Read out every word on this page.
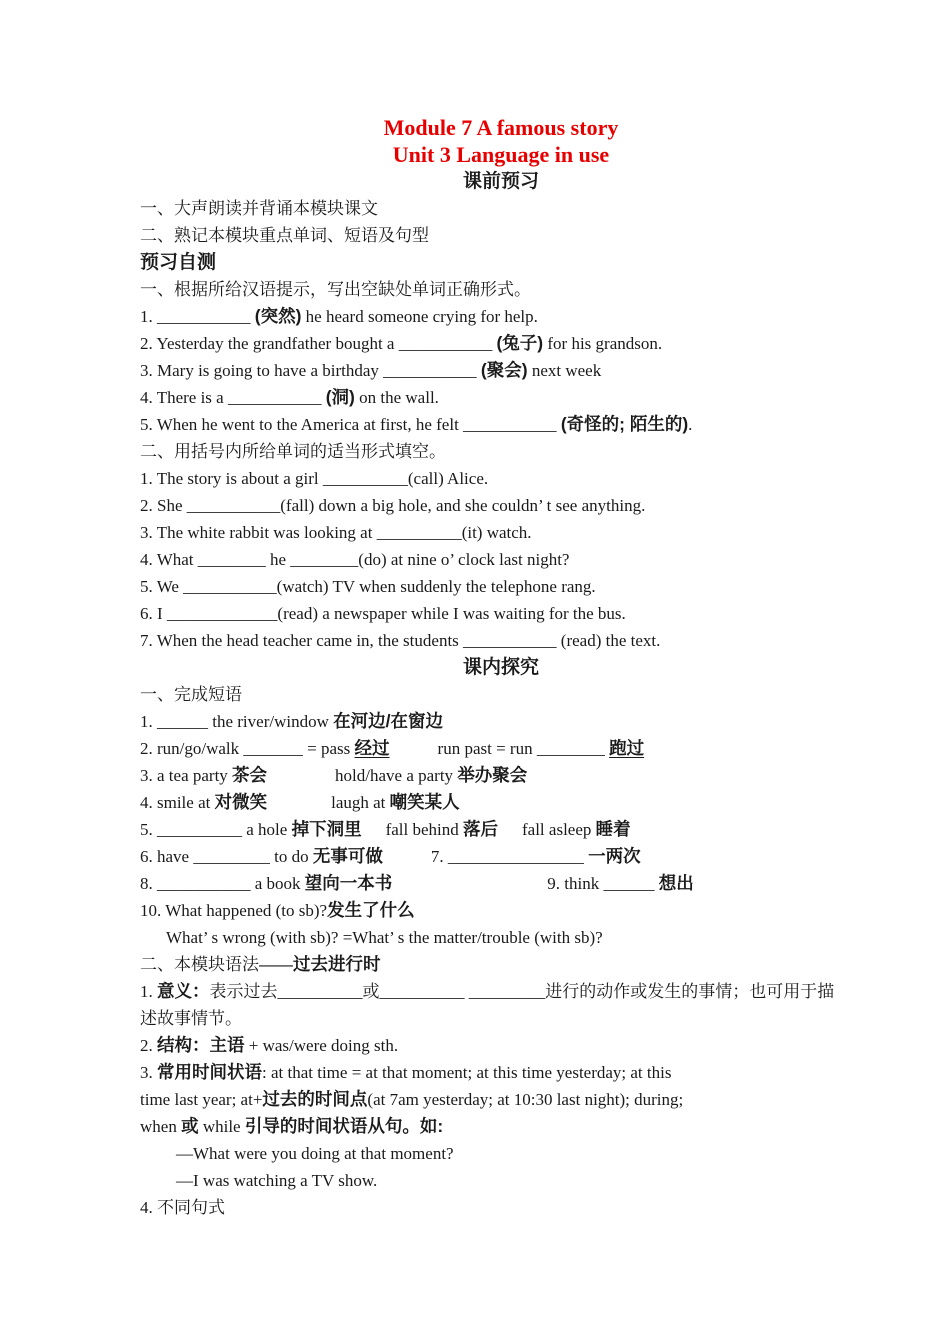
Module 7 A famous story
Unit 3 Language in use
课前预习
一、大声朗读并背诵本模块课文
二、熟记本模块重点单词、短语及句型
预习自测
一、根据所给汉语提示，写出空缺处单词正确形式。
1. ___________ (突然) he heard someone crying for help.
2. Yesterday the grandfather bought a ___________ (兔子) for his grandson.
3. Mary is going to have a birthday ___________ (聚会) next week
4. There is a ___________ (洞) on the wall.
5. When he went to the America at first, he felt ___________ (奇怪的; 陌生的).
二、用括号内所给单词的适当形式填空。
1. The story is about a girl __________(call) Alice.
2. She ___________(fall) down a big hole, and she couldn’ t see anything.
3. The white rabbit was looking at __________(it) watch.
4. What ________ he ________(do) at nine o’ clock last night?
5. We ___________(watch) TV when suddenly the telephone rang.
6. I _____________(read) a newspaper while I was waiting for the bus.
7. When the head teacher came in, the students ___________ (read) the text.
课内探究
一、完成短语
1. ______ the river/window 在河边/在窗边
2. run/go/walk _______ = pass 经过	run past = run ________ 跑过
3. a tea party 茶会	hold/have a party 举办聚会
4. smile at 对微笑	laugh at 嘲笑某人
5. __________ a hole 掉下洞里 fall behind 落后 fall asleep 睡着
6. have _________ to do 无事可做	7. ________________ 一两次
8. ___________ a book 望向一本书	9. think ______ 想出
10. What happened (to sb)?发生了什么
What’ s wrong (with sb)? =What’ s the matter/trouble (with sb)?
二、本模块语法——过去进行时
1. 意义：表示过去__________或__________ _________进行的动作或发生的事情；也可用于描
述故事情节。
2. 结构：主语 + was/were doing sth.
3. 常用时间状语: at that time = at that moment; at this time yesterday; at this
time last year; at+过去的时间点(at 7am yesterday; at 10:30 last night); during;
when 或 while 引导的时间状语从句。如:
—What were you doing at that moment?
—I was watching a TV show.
4. 不同句式
